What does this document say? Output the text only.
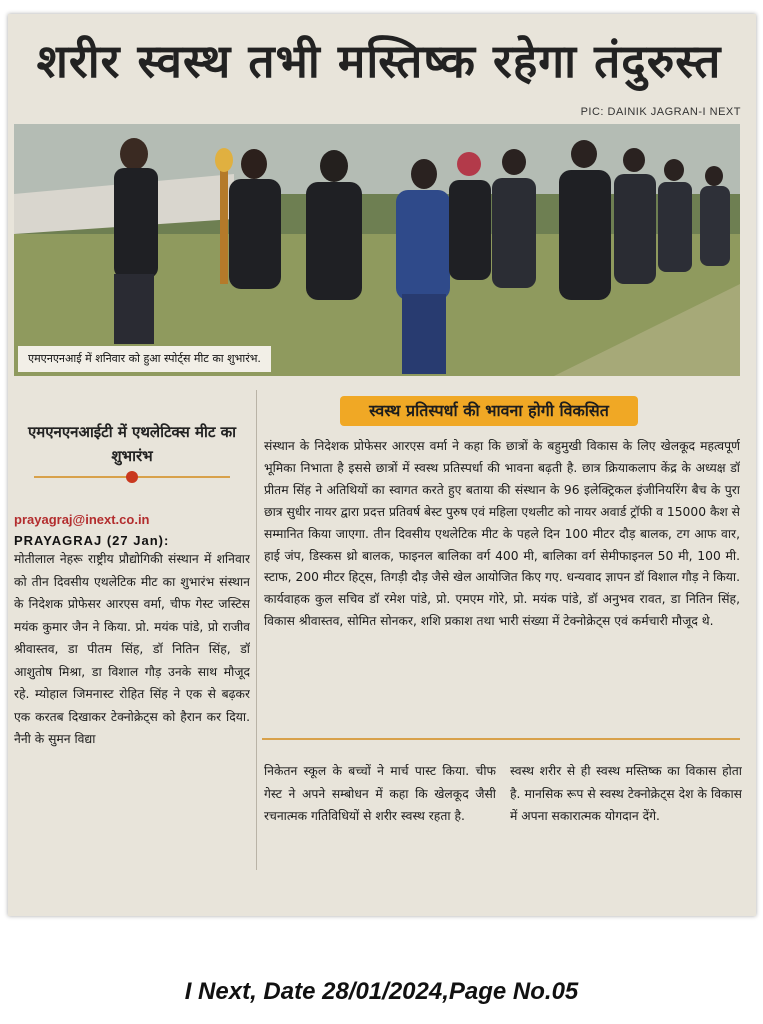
शरीर स्वस्थ तभी मस्तिष्क रहेगा तंदुरुस्त
PIC: DAINIK JAGRAN-I NEXT
एमएनएनआई में शनिवार को हुआ स्पोर्ट्स मीट का शुभारंभ.
एमएनएनआईटी में एथलेटिक्स मीट का शुभारंभ
prayagraj@inext.co.in
PRAYAGRAJ (27 Jan):
मोतीलाल नेहरू राष्ट्रीय प्रौद्योगिकी संस्थान में शनिवार को तीन दिवसीय एथलेटिक मीट का शुभारंभ संस्थान के निदेशक प्रोफेसर आरएस वर्मा, चीफ गेस्ट जस्टिस मयंक कुमार जैन ने किया. प्रो. मयंक पांडे, प्रो राजीव श्रीवास्तव, डा पीतम सिंह, डॉ नितिन सिंह, डॉ आशुतोष मिश्रा, डा विशाल गौड़ उनके साथ मौजूद रहे. म्योहाल जिमनास्ट रोहित सिंह ने एक से बढ़कर एक करतब दिखाकर टेक्नोक्रेट्स को हैरान कर दिया. नैनी के सुमन विद्या
स्वस्थ प्रतिस्पर्धा की भावना होगी विकसित
संस्थान के निदेशक प्रोफेसर आरएस वर्मा ने कहा कि छात्रों के बहुमुखी विकास के लिए खेलकूद महत्वपूर्ण भूमिका निभाता है इससे छात्रों में स्वस्थ प्रतिस्पर्धा की भावना बढ़ती है. छात्र क्रियाकलाप केंद्र के अध्यक्ष डॉ प्रीतम सिंह ने अतिथियों का स्वागत करते हुए बताया की संस्थान के 96 इलेक्ट्रिकल इंजीनियरिंग बैच के पुरा छात्र सुधीर नायर द्वारा प्रदत्त प्रतिवर्ष बेस्ट पुरुष एवं महिला एथलीट को नायर अवार्ड ट्रॉफी व 15000 कैश से सम्मानित किया जाएगा. तीन दिवसीय एथलेटिक मीट के पहले दिन 100 मीटर दौड़ बालक, टग आफ वार, हाई जंप, डिस्कस थ्रो बालक, फाइनल बालिका वर्ग 400 मी, बालिका वर्ग सेमीफाइनल 50 मी, 100 मी. स्टाफ, 200 मीटर हिट्स, तिगड़ी दौड़ जैसे खेल आयोजित किए गए. धन्यवाद ज्ञापन डॉ विशाल गौड़ ने किया. कार्यवाहक कुल सचिव डॉ रमेश पांडे, प्रो. एमएम गोरे, प्रो. मयंक पांडे, डॉ अनुभव रावत, डा नितिन सिंह, विकास श्रीवास्तव, सोमित सोनकर, शशि प्रकाश तथा भारी संख्या में टेक्नोक्रेट्स एवं कर्मचारी मौजूद थे.
निकेतन स्कूल के बच्चों ने मार्च पास्ट किया. चीफ गेस्ट ने अपने सम्बोधन में कहा कि खेलकूद जैसी रचनात्मक गतिविधियों से शरीर स्वस्थ रहता है.
स्वस्थ शरीर से ही स्वस्थ मस्तिष्क का विकास होता है. मानसिक रूप से स्वस्थ टेक्नोक्रेट्स देश के विकास में अपना सकारात्मक योगदान देंगे.
I Next, Date 28/01/2024,Page No.05
